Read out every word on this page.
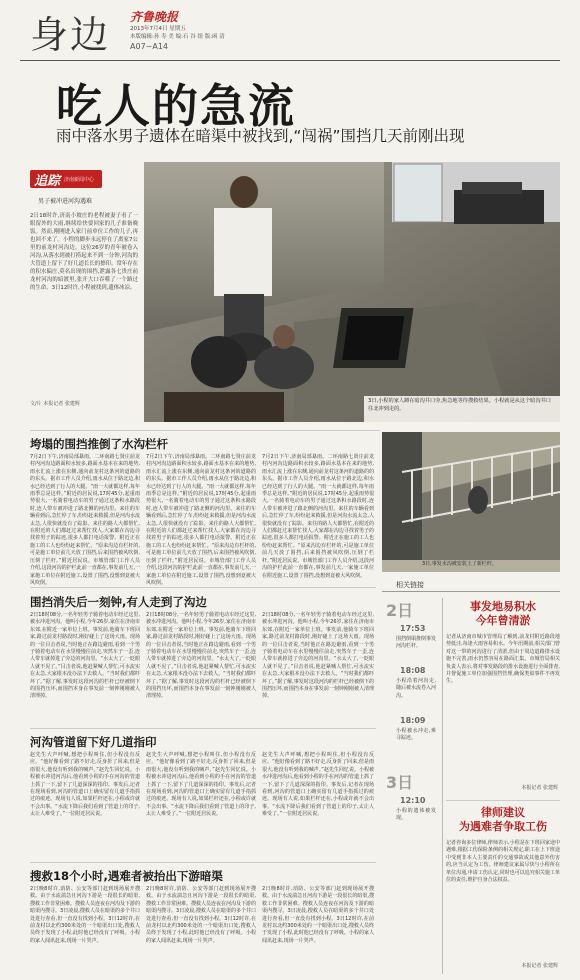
身边 齐鲁晚报
2013年7月4日 星期五
本版编辑:孙 寿 美 编:石 谷 组 版:函 清
A07~A14
吃人的急流
雨中落水男子遗体在暗渠中被找到,“闯祸”围挡几天前刚出现
追踪 济南新闻中心
男子被冲进河沟遇难
2日18时许,济南小坡庄的老程被妻子看了一眼留外的大雨,继续给快要回家的儿子准备晚饭。然而,刚刚进入家门前单位工作的儿子,再也回不来了。小程的脚步永远停在了离家7公里的前龙村河沟边。这位26岁的青年被卷入河沟,从落水到被打捞起来不到一分钟,河沟的大管道上留下了好几道长长的擦印。常年存在的积水偏庄,莫名出现的围挡,泄露各七贵庄前龙村河沟的暗渡里,张开大口吞噬了一个路过的生命。3日12时许,小程被找到,遗体冰凉。
文/片 本报记者 张建辉	3日,小程的家人蹲在暗沟井口旁,焦急地等待搜救结果。小程就是从这个暗沟井口往北冲到走的。
垮塌的围挡推倒了水沟栏杆
7月2日下午,济南局部暴雨。二环南路七贤庄前龙村内河沟边路面积水较多,路面水基本在来的地势,雨水汇流上涨在东侧,通向前龙村这条河的道路的的东头。据市工作人员介绍,雨水从位于路北边,积水已经达到了行人的大腿。“雨一大就都这样,每年雨季总是这样。”附近的居民说,17时45分,起重雨势很大,一名骑着电动车的男子通过这条积水路段时,连人带车被冲进了路北侧的河沟里。来往的车辆看到后,急忙停了车,纷纷赶来救援,但是河沟水流太急,人很快就没有了踪影。来往的路人大都帮忙,在附近的人们都赶过来帮忙找人,大家都在沟边寻找着男子的踪迹,很多人都打电话报警。附近正在施工的工人也纷纷赶来帮忙。“原来沟边有栏杆的,可是施工单位前几天放了围挡,后来围挡被风吹倒,压倒了栏杆。”附近居民说。市城管部门工作人员介绍,这段河沟的护栏此前一直都在,事发前几天,一家施工单位在附近施工,设置了围挡,没想到竟被大风吹倒。
7月2日下午,济南局部暴雨。二环南路七贤庄前龙村内河沟边路面积水较多,路面水基本在来的地势,雨水汇流上涨在东侧,通向前龙村这条河的道路的的东头。据市工作人员介绍,雨水从位于路北边,积水已经达到了行人的大腿。“雨一大就都这样,每年雨季总是这样。”附近的居民说,17时45分,起重雨势很大,一名骑着电动车的男子通过这条积水路段时,连人带车被冲进了路北侧的河沟里。来往的车辆看到后,急忙停了车,纷纷赶来救援,但是河沟水流太急,人很快就没有了踪影。来往的路人大都帮忙,在附近的人们都赶过来帮忙找人,大家都在沟边寻找着男子的踪迹,很多人都打电话报警。附近正在施工的工人也纷纷赶来帮忙。“原来沟边有栏杆的,可是施工单位前几天放了围挡,后来围挡被风吹倒,压倒了栏杆。”附近居民说。市城管部门工作人员介绍,这段河沟的护栏此前一直都在,事发前几天,一家施工单位在附近施工,设置了围挡,没想到竟被大风吹倒。
7月2日下午,济南局部暴雨。二环南路七贤庄前龙村内河沟边路面积水较多,路面水基本在来的地势,雨水汇流上涨在东侧,通向前龙村这条河的道路的的东头。据市工作人员介绍,雨水从位于路北边,积水已经达到了行人的大腿。“雨一大就都这样,每年雨季总是这样。”附近的居民说,17时45分,起重雨势很大,一名骑着电动车的男子通过这条积水路段时,连人带车被冲进了路北侧的河沟里。来往的车辆看到后,急忙停了车,纷纷赶来救援,但是河沟水流太急,人很快就没有了踪影。来往的路人大都帮忙,在附近的人们都赶过来帮忙找人,大家都在沟边寻找着男子的踪迹,很多人都打电话报警。附近正在施工的工人也纷纷赶来帮忙。“原来沟边有栏杆的,可是施工单位前几天放了围挡,后来围挡被风吹倒,压倒了栏杆。”附近居民说。市城管部门工作人员介绍,这段河沟的护栏此前一直都在,事发前几天,一家施工单位在附近施工,设置了围挡,没想到竟被大风吹倒。
围挡消失后一刻钟,有人走到了沟边
2日18时08分,一名年轻男子骑着电动车经过这里,被水冲进河沟。他叫小程,今年26岁,家住在济南市东郊,在附近一家单位上班。事发前,他骑车下班回家,路过前龙村路段时,刚好碰上了这场大雨。现场的一位目击者说,当时他正在路边避雨,看到一个男子骑着电动车在水里慢慢往前走,突然车子一歪,连人带车就掉进了旁边的河沟里。“水太大了,一眨眼人就不见了。”目击者说,他赶紧喊人帮忙,可水流实在太急,大家根本没办法下去救人。“当时我们都吓坏了。”据了解,事发时这段河沟的栏杆已经被倒下的围挡压坏,而围挡本身在事发前一刻钟刚刚被人清理掉。
2日18时08分,一名年轻男子骑着电动车经过这里,被水冲进河沟。他叫小程,今年26岁,家住在济南市东郊,在附近一家单位上班。事发前,他骑车下班回家,路过前龙村路段时,刚好碰上了这场大雨。现场的一位目击者说,当时他正在路边避雨,看到一个男子骑着电动车在水里慢慢往前走,突然车子一歪,连人带车就掉进了旁边的河沟里。“水太大了,一眨眼人就不见了。”目击者说,他赶紧喊人帮忙,可水流实在太急,大家根本没办法下去救人。“当时我们都吓坏了。”据了解,事发时这段河沟的栏杆已经被倒下的围挡压坏,而围挡本身在事发前一刻钟刚刚被人清理掉。
2日18时08分,一名年轻男子骑着电动车经过这里,被水冲进河沟。他叫小程,今年26岁,家住在济南市东郊,在附近一家单位上班。事发前,他骑车下班回家,路过前龙村路段时,刚好碰上了这场大雨。现场的一位目击者说,当时他正在路边避雨,看到一个男子骑着电动车在水里慢慢往前走,突然车子一歪,连人带车就掉进了旁边的河沟里。“水太大了,一眨眼人就不见了。”目击者说,他赶紧喊人帮忙,可水流实在太急,大家根本没办法下去救人。“当时我们都吓坏了。”据了解,事发时这段河沟的栏杆已经被倒下的围挡压坏,而围挡本身在事发前一刻钟刚刚被人清理掉。
河沟管道留下好几道指印
赵先生大声呼喊,想把小程叫住,但小程没有反应。“他好像看到了路不好走,反身折了回来,但是雨很大,他没有听到我的喊声。”赵先生回忆说。小程被水冲进河沟后,他看到小程的手在河沟的管道上抓了一下,留下了几道深深的指印。事发后,记者在现场看到,河沟的管道口上确实留有几道手指抓过的痕迹。现场有人说,如果栏杆还在,小程或许就不会出事。“水流下降后我们看到了管道上的印子,太让人难受了。”一位附近居民说。
赵先生大声呼喊,想把小程叫住,但小程没有反应。“他好像看到了路不好走,反身折了回来,但是雨很大,他没有听到我的喊声。”赵先生回忆说。小程被水冲进河沟后,他看到小程的手在河沟的管道上抓了一下,留下了几道深深的指印。事发后,记者在现场看到,河沟的管道口上确实留有几道手指抓过的痕迹。现场有人说,如果栏杆还在,小程或许就不会出事。“水流下降后我们看到了管道上的印子,太让人难受了。”一位附近居民说。
赵先生大声呼喊,想把小程叫住,但小程没有反应。“他好像看到了路不好走,反身折了回来,但是雨很大,他没有听到我的喊声。”赵先生回忆说。小程被水冲进河沟后,他看到小程的手在河沟的管道上抓了一下,留下了几道深深的指印。事发后,记者在现场看到,河沟的管道口上确实留有几道手指抓过的痕迹。现场有人说,如果栏杆还在,小程或许就不会出事。“水流下降后我们看到了管道上的印子,太让人难受了。”一位附近居民说。
搜救18个小时,遇难者被抬出下游暗渠
2日晚8时许,消防、公安等部门赶到现场展开搜救。由于水流湍急且河沟下游是一段很长的暗渠,搜救工作非常困难。搜救人员连夜在河沟及下游的暗渠内搜寻。3日凌晨,搜救人员在暗渠的多个井口处进行查看,但一直没有找到小程。3日12时许,在前龙村以北约300米处的一个暗渠出口处,搜救人员终于发现了小程,此时他已经没有了呼吸。小程的家人闻讯赶来,现场一片哭声。
2日晚8时许,消防、公安等部门赶到现场展开搜救。由于水流湍急且河沟下游是一段很长的暗渠,搜救工作非常困难。搜救人员连夜在河沟及下游的暗渠内搜寻。3日凌晨,搜救人员在暗渠的多个井口处进行查看,但一直没有找到小程。3日12时许,在前龙村以北约300米处的一个暗渠出口处,搜救人员终于发现了小程,此时他已经没有了呼吸。小程的家人闻讯赶来,现场一片哭声。
2日晚8时许,消防、公安等部门赶到现场展开搜救。由于水流湍急且河沟下游是一段很长的暗渠,搜救工作非常困难。搜救人员连夜在河沟及下游的暗渠内搜寻。3日凌晨,搜救人员在暗渠的多个井口处进行查看,但一直没有找到小程。3日12时许,在前龙村以北约300米处的一个暗渠出口处,搜救人员终于发现了小程,此时他已经没有了呼吸。小程的家人闻讯赶来,现场一片哭声。
3日,事发水沟被安装上了新栏杆。
相关链接
2日
17:53
围挡倒塌推倒事发河沟栏杆。
18:08
小程沿着河沟走,随后被水流卷入河沟。
18:09
小程被水冲走,难寻踪迹。
3日
12:10
小程的遗体被发现。
事发地易积水
今年曾清淤
记者从济南市城市管理局了解到,前龙村附近路段地势低洼,每逢大雨容易积水。今年汛期前,相关部门曾对这一带的河沟进行了清淤,但由于周边道路排水设施不完善,雨水仍然容易在路面汇集。市城管局相关负责人表示,将对事发路段的排水设施进行全面排查,并督促施工单位加强围挡管理,确保类似事件不再发生。
本报记者 张建辉
律师建议
为遇难者争取工伤
记者咨询多位律师,律师表示,小程是在下班回家途中遇难,根据工伤保险条例的相关规定,职工在上下班途中受到非本人主要责任的交通事故或其他意外伤害的,应当认定为工伤。律师建议家属尽快与小程所在单位沟通,申请工伤认定,同时也可以追究相关施工单位的责任,维护自身合法权益。
本报记者 张建辉
